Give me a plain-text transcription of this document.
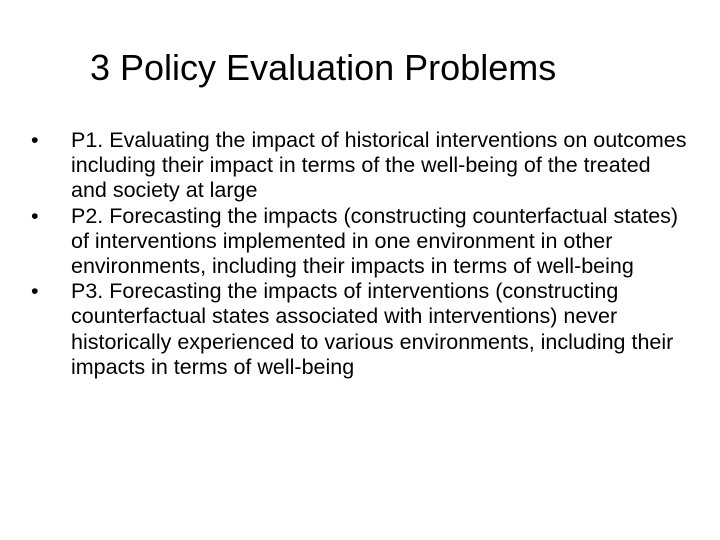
3 Policy Evaluation Problems
•	P1. Evaluating the impact of historical interventions on outcomes including their impact in terms of the well-being of the treated and society at large
•	P2. Forecasting the impacts (constructing counterfactual states) of interventions implemented in one environment in other environments, including their impacts in terms of well-being
•	P3. Forecasting the impacts of interventions (constructing counterfactual states associated with interventions) never historically experienced to various environments, including their impacts in terms of well-being
